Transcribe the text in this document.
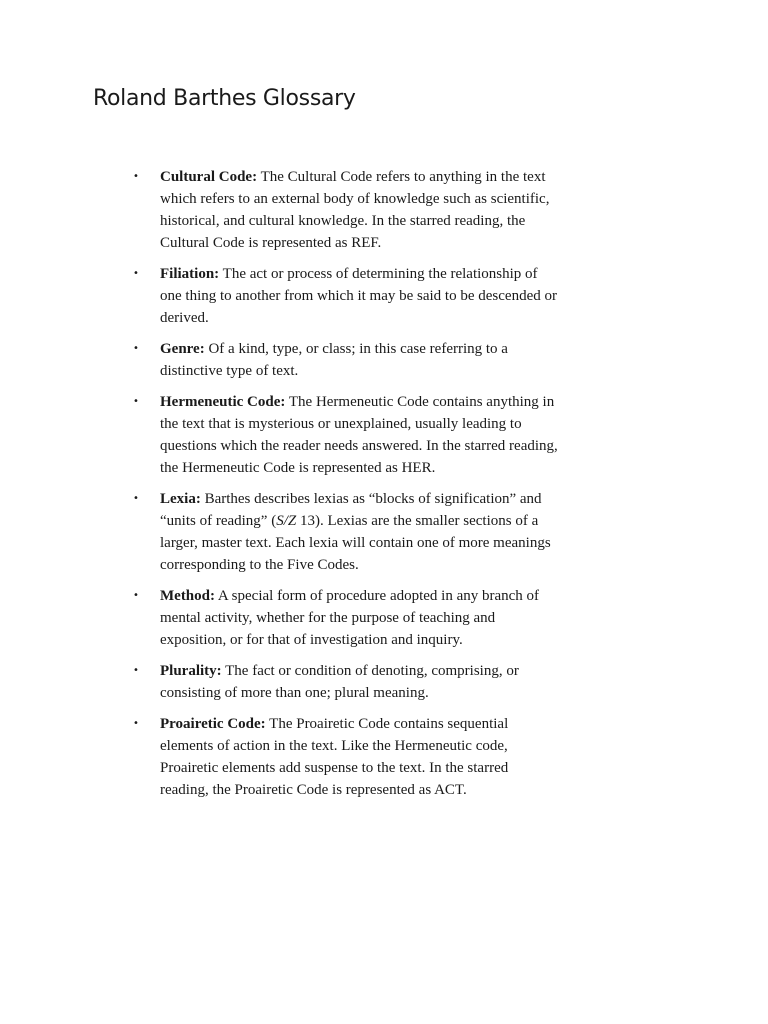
Roland Barthes Glossary
• Cultural Code: The Cultural Code refers to anything in the text which refers to an external body of knowledge such as scientific, historical, and cultural knowledge. In the starred reading, the Cultural Code is represented as REF.
• Filiation: The act or process of determining the relationship of one thing to another from which it may be said to be descended or derived.
• Genre: Of a kind, type, or class; in this case referring to a distinctive type of text.
• Hermeneutic Code: The Hermeneutic Code contains anything in the text that is mysterious or unexplained, usually leading to questions which the reader needs answered. In the starred reading, the Hermeneutic Code is represented as HER.
• Lexia: Barthes describes lexias as “blocks of signification” and “units of reading” (S/Z 13). Lexias are the smaller sections of a larger, master text. Each lexia will contain one of more meanings corresponding to the Five Codes.
• Method: A special form of procedure adopted in any branch of mental activity, whether for the purpose of teaching and exposition, or for that of investigation and inquiry.
• Plurality: The fact or condition of denoting, comprising, or consisting of more than one; plural meaning.
• Proairetic Code: The Proairetic Code contains sequential elements of action in the text. Like the Hermeneutic code, Proairetic elements add suspense to the text. In the starred reading, the Proairetic Code is represented as ACT.
